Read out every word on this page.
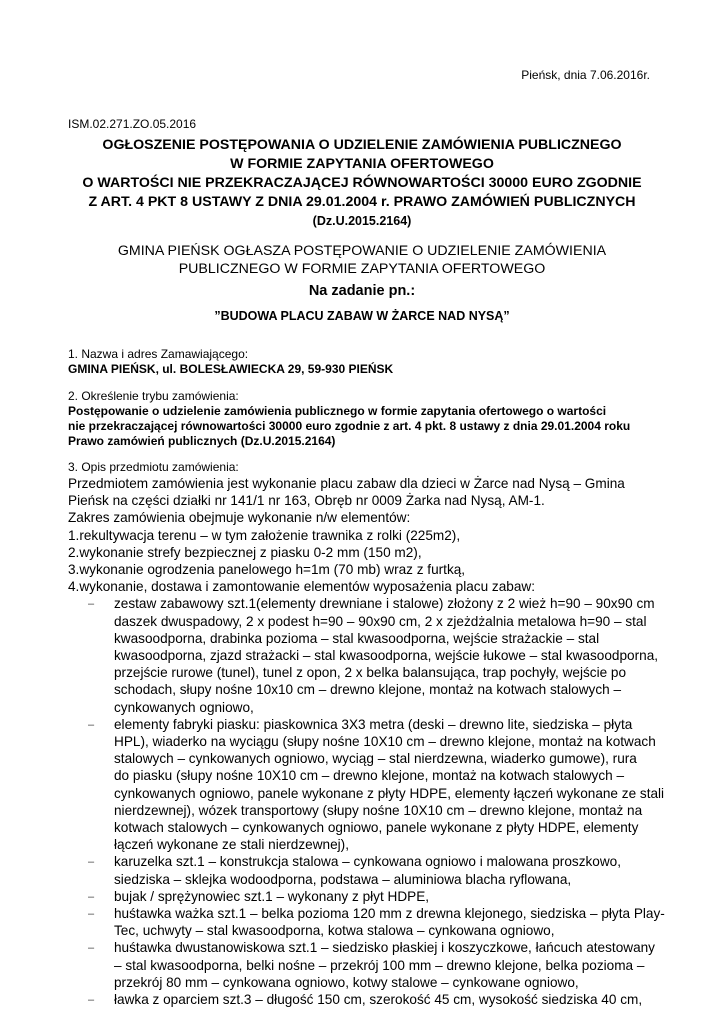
Pieńsk, dnia 7.06.2016r.
ISM.02.271.ZO.05.2016
OGŁOSZENIE POSTĘPOWANIA O UDZIELENIE ZAMÓWIENIA PUBLICZNEGO
W FORMIE ZAPYTANIA OFERTOWEGO
O WARTOŚCI NIE PRZEKRACZAJĄCEJ RÓWNOWARTOŚCI 30000 EURO ZGODNIE
Z ART. 4 PKT 8 USTAWY Z DNIA 29.01.2004 r. PRAWO ZAMÓWIEŃ PUBLICZNYCH
(Dz.U.2015.2164)
GMINA PIEŃSK OGŁASZA POSTĘPOWANIE O UDZIELENIE ZAMÓWIENIA
PUBLICZNEGO W FORMIE ZAPYTANIA OFERTOWEGO
Na zadanie pn.:
”BUDOWA PLACU ZABAW W ŻARCE NAD NYSĄ”
1. Nazwa i adres Zamawiającego:
GMINA PIEŃSK, ul. BOLESŁAWIECKA 29, 59-930 PIEŃSK
2. Określenie trybu zamówienia:
Postępowanie o udzielenie zamówienia publicznego w formie zapytania ofertowego o wartości
nie przekraczającej równowartości 30000 euro zgodnie z art. 4 pkt. 8 ustawy z dnia 29.01.2004 roku
Prawo zamówień publicznych (Dz.U.2015.2164)
3. Opis przedmiotu zamówienia:
Przedmiotem zamówienia jest wykonanie placu zabaw dla dzieci w Żarce nad Nysą – Gmina
Pieńsk na części działki nr 141/1 nr 163, Obręb nr 0009 Żarka nad Nysą, AM-1.
Zakres zamówienia obejmuje wykonanie n/w elementów:
1.rekultywacja terenu – w tym założenie trawnika z rolki (225m2),
2.wykonanie strefy bezpiecznej z piasku 0-2 mm (150 m2),
3.wykonanie ogrodzenia panelowego h=1m (70 mb) wraz z furtką,
4.wykonanie, dostawa i zamontowanie elementów wyposażenia placu zabaw:
– zestaw zabawowy szt.1(elementy drewniane i stalowe) złożony z 2 wież h=90 – 90x90 cm
daszek dwuspadowy, 2 x podest h=90 – 90x90 cm, 2 x zjeżdżalnia metalowa h=90 – stal
kwasoodporna, drabinka pozioma – stal kwasoodporna, wejście strażackie – stal
kwasoodporna, zjazd strażacki – stal kwasoodporna, wejście łukowe – stal kwasoodporna,
przejście rurowe (tunel), tunel z opon, 2 x belka balansująca, trap pochyły, wejście po
schodach, słupy nośne 10x10 cm – drewno klejone, montaż na kotwach stalowych –
cynkowanych ogniowo,
– elementy fabryki piasku: piaskownica 3X3 metra (deski – drewno lite, siedziska – płyta
HPL), wiaderko na wyciągu (słupy nośne 10X10 cm – drewno klejone, montaż na kotwach
stalowych – cynkowanych ogniowo, wyciąg – stal nierdzewna, wiaderko gumowe), rura
do piasku (słupy nośne 10X10 cm – drewno klejone, montaż na kotwach stalowych –
cynkowanych ogniowo, panele wykonane z płyty HDPE, elementy łączeń wykonane ze stali
nierdzewnej), wózek transportowy (słupy nośne 10X10 cm – drewno klejone, montaż na
kotwach stalowych – cynkowanych ogniowo, panele wykonane z płyty HDPE, elementy
łączeń wykonane ze stali nierdzewnej),
– karuzelka szt.1 – konstrukcja stalowa – cynkowana ogniowo i malowana proszkowo,
siedziska – sklejka wodoodporna, podstawa – aluminiowa blacha ryflowana,
– bujak / sprężynowiec szt.1 – wykonany z płyt HDPE,
– huśtawka ważka szt.1 – belka pozioma 120 mm z drewna klejonego, siedziska – płyta Play-
Tec, uchwyty – stal kwasoodporna, kotwa stalowa – cynkowana ogniowo,
– huśtawka dwustanowiskowa szt.1 – siedzisko płaskiej i koszyczkowe, łańcuch atestowany
– stal kwasoodporna, belki nośne – przekrój 100 mm – drewno klejone, belka pozioma –
przekrój 80 mm – cynkowana ogniowo, kotwy stalowe – cynkowane ogniowo,
– ławka z oparciem szt.3 – długość 150 cm, szerokość 45 cm, wysokość siedziska 40 cm,
